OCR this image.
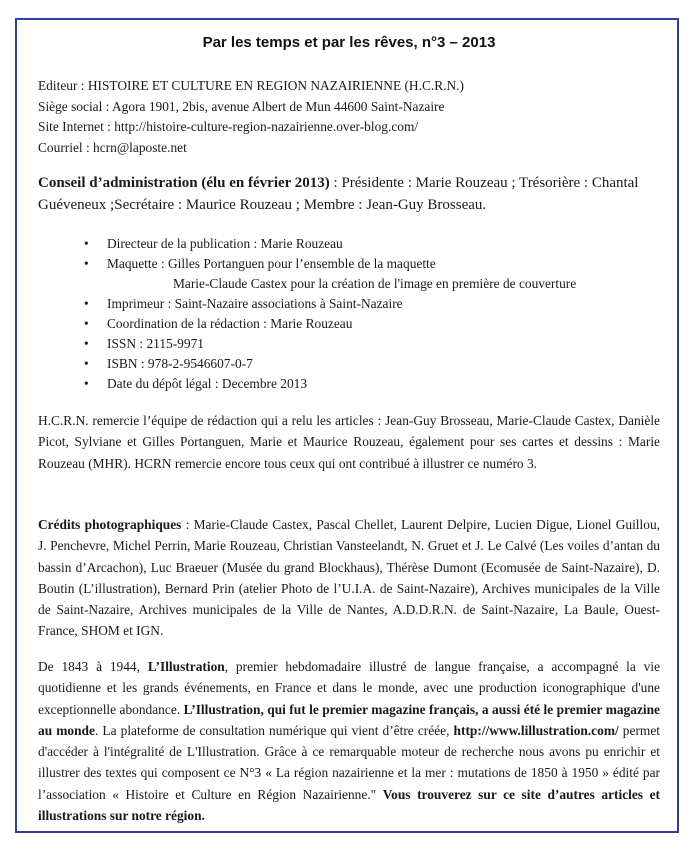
Par les temps et par les rêves, n°3 – 2013
Editeur : HISTOIRE ET CULTURE EN REGION NAZAIRIENNE (H.C.R.N.)
Siège social : Agora 1901, 2bis, avenue Albert de Mun 44600 Saint-Nazaire
Site Internet : http://histoire-culture-region-nazairienne.over-blog.com/
Courriel : hcrn@laposte.net
Conseil d’administration (élu en février 2013) : Présidente : Marie Rouzeau ; Trésorière : Chantal Guéveneux ;Secrétaire : Maurice Rouzeau ; Membre : Jean-Guy Brosseau.
• Directeur de la publication : Marie Rouzeau
• Maquette : Gilles Portanguen pour l’ensemble de la maquette
Marie-Claude Castex pour la création de l'image en première de couverture
• Imprimeur : Saint-Nazaire associations à Saint-Nazaire
• Coordination de la rédaction : Marie Rouzeau
• ISSN : 2115-9971
• ISBN : 978-2-9546607-0-7
• Date du dépôt légal : Decembre 2013
H.C.R.N. remercie l’équipe de rédaction qui a relu les articles : Jean-Guy Brosseau, Marie-Claude Castex, Danièle Picot, Sylviane et Gilles Portanguen, Marie et Maurice Rouzeau, également pour ses cartes et dessins : Marie Rouzeau (MHR). HCRN remercie encore tous ceux qui ont contribué à illustrer ce numéro 3.
Crédits photographiques : Marie-Claude Castex, Pascal Chellet, Laurent Delpire, Lucien Digue, Lionel Guillou, J. Penchevre, Michel Perrin, Marie Rouzeau, Christian Vansteelandt, N. Gruet et J. Le Calvé (Les voiles d’antan du bassin d’Arcachon), Luc Braeuer (Musée du grand Blockhaus), Thérèse Dumont (Ecomusée de Saint-Nazaire), D. Boutin (L’illustration), Bernard Prin (atelier Photo de l’U.I.A. de Saint-Nazaire), Archives municipales de la Ville de Saint-Nazaire, Archives municipales de la Ville de Nantes, A.D.D.R.N. de Saint-Nazaire, La Baule, Ouest-France, SHOM et IGN.
De 1843 à 1944, L’Illustration, premier hebdomadaire illustré de langue française, a accompagné la vie quotidienne et les grands événements, en France et dans le monde, avec une production iconographique d'une exceptionnelle abondance. L’Illustration, qui fut le premier magazine français, a aussi été le premier magazine au monde. La plateforme de consultation numérique qui vient d’être créée, http://www.lillustration.com/ permet d'accéder à l'intégralité de L'Illustration. Grâce à ce remarquable moteur de recherche nous avons pu enrichir et illustrer des textes qui composent ce N°3 « La région nazairienne et la mer : mutations de 1850 à 1950 » édité par l’association « Histoire et Culture en Région Nazairienne." Vous trouverez sur ce site d’autres articles et illustrations sur notre région.
